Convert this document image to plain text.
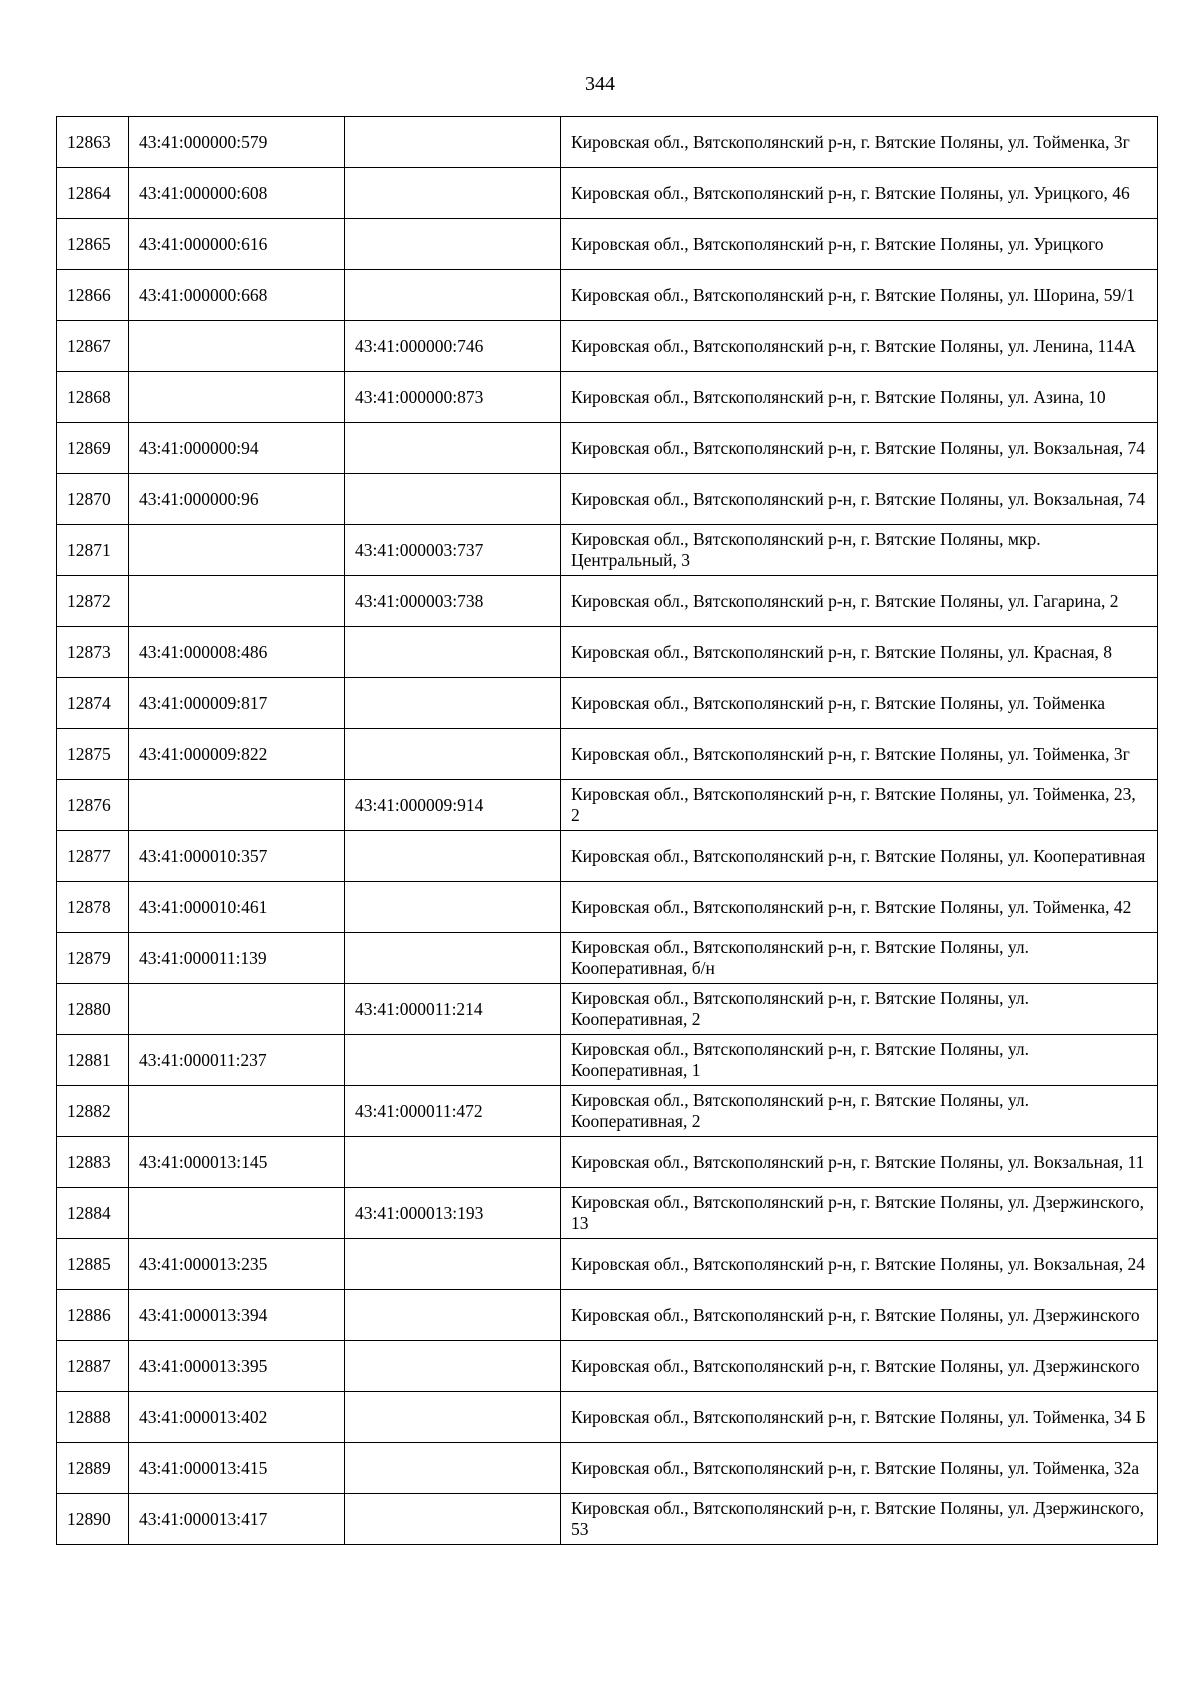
344
12863	43:41:000000:579		Кировская обл., Вятскополянский р-н, г. Вятские Поляны, ул. Тойменка, 3г
12864	43:41:000000:608		Кировская обл., Вятскополянский р-н, г. Вятские Поляны, ул. Урицкого, 46
12865	43:41:000000:616		Кировская обл., Вятскополянский р-н, г. Вятские Поляны, ул. Урицкого
12866	43:41:000000:668		Кировская обл., Вятскополянский р-н, г. Вятские Поляны, ул. Шорина, 59/1
12867		43:41:000000:746	Кировская обл., Вятскополянский р-н, г. Вятские Поляны, ул. Ленина, 114А
12868		43:41:000000:873	Кировская обл., Вятскополянский р-н, г. Вятские Поляны, ул. Азина, 10
12869	43:41:000000:94		Кировская обл., Вятскополянский р-н, г. Вятские Поляны, ул. Вокзальная, 74
12870	43:41:000000:96		Кировская обл., Вятскополянский р-н, г. Вятские Поляны, ул. Вокзальная, 74
12871		43:41:000003:737	Кировская обл., Вятскополянский р-н, г. Вятские Поляны, мкр. Центральный, 3
12872		43:41:000003:738	Кировская обл., Вятскополянский р-н, г. Вятские Поляны, ул. Гагарина, 2
12873	43:41:000008:486		Кировская обл., Вятскополянский р-н, г. Вятские Поляны, ул. Красная, 8
12874	43:41:000009:817		Кировская обл., Вятскополянский р-н, г. Вятские Поляны, ул. Тойменка
12875	43:41:000009:822		Кировская обл., Вятскополянский р-н, г. Вятские Поляны, ул. Тойменка, 3г
12876		43:41:000009:914	Кировская обл., Вятскополянский р-н, г. Вятские Поляны, ул. Тойменка, 23, 2
12877	43:41:000010:357		Кировская обл., Вятскополянский р-н, г. Вятские Поляны, ул. Кооперативная
12878	43:41:000010:461		Кировская обл., Вятскополянский р-н, г. Вятские Поляны, ул. Тойменка, 42
12879	43:41:000011:139		Кировская обл., Вятскополянский р-н, г. Вятские Поляны, ул. Кооперативная, б/н
12880		43:41:000011:214	Кировская обл., Вятскополянский р-н, г. Вятские Поляны, ул. Кооперативная, 2
12881	43:41:000011:237		Кировская обл., Вятскополянский р-н, г. Вятские Поляны, ул. Кооперативная, 1
12882		43:41:000011:472	Кировская обл., Вятскополянский р-н, г. Вятские Поляны, ул. Кооперативная, 2
12883	43:41:000013:145		Кировская обл., Вятскополянский р-н, г. Вятские Поляны, ул. Вокзальная, 11
12884		43:41:000013:193	Кировская обл., Вятскополянский р-н, г. Вятские Поляны, ул. Дзержинского, 13
12885	43:41:000013:235		Кировская обл., Вятскополянский р-н, г. Вятские Поляны, ул. Вокзальная, 24
12886	43:41:000013:394		Кировская обл., Вятскополянский р-н, г. Вятские Поляны, ул. Дзержинского
12887	43:41:000013:395		Кировская обл., Вятскополянский р-н, г. Вятские Поляны, ул. Дзержинского
12888	43:41:000013:402		Кировская обл., Вятскополянский р-н, г. Вятские Поляны, ул. Тойменка, 34 Б
12889	43:41:000013:415		Кировская обл., Вятскополянский р-н, г. Вятские Поляны, ул. Тойменка, 32а
12890	43:41:000013:417		Кировская обл., Вятскополянский р-н, г. Вятские Поляны, ул. Дзержинского, 53
